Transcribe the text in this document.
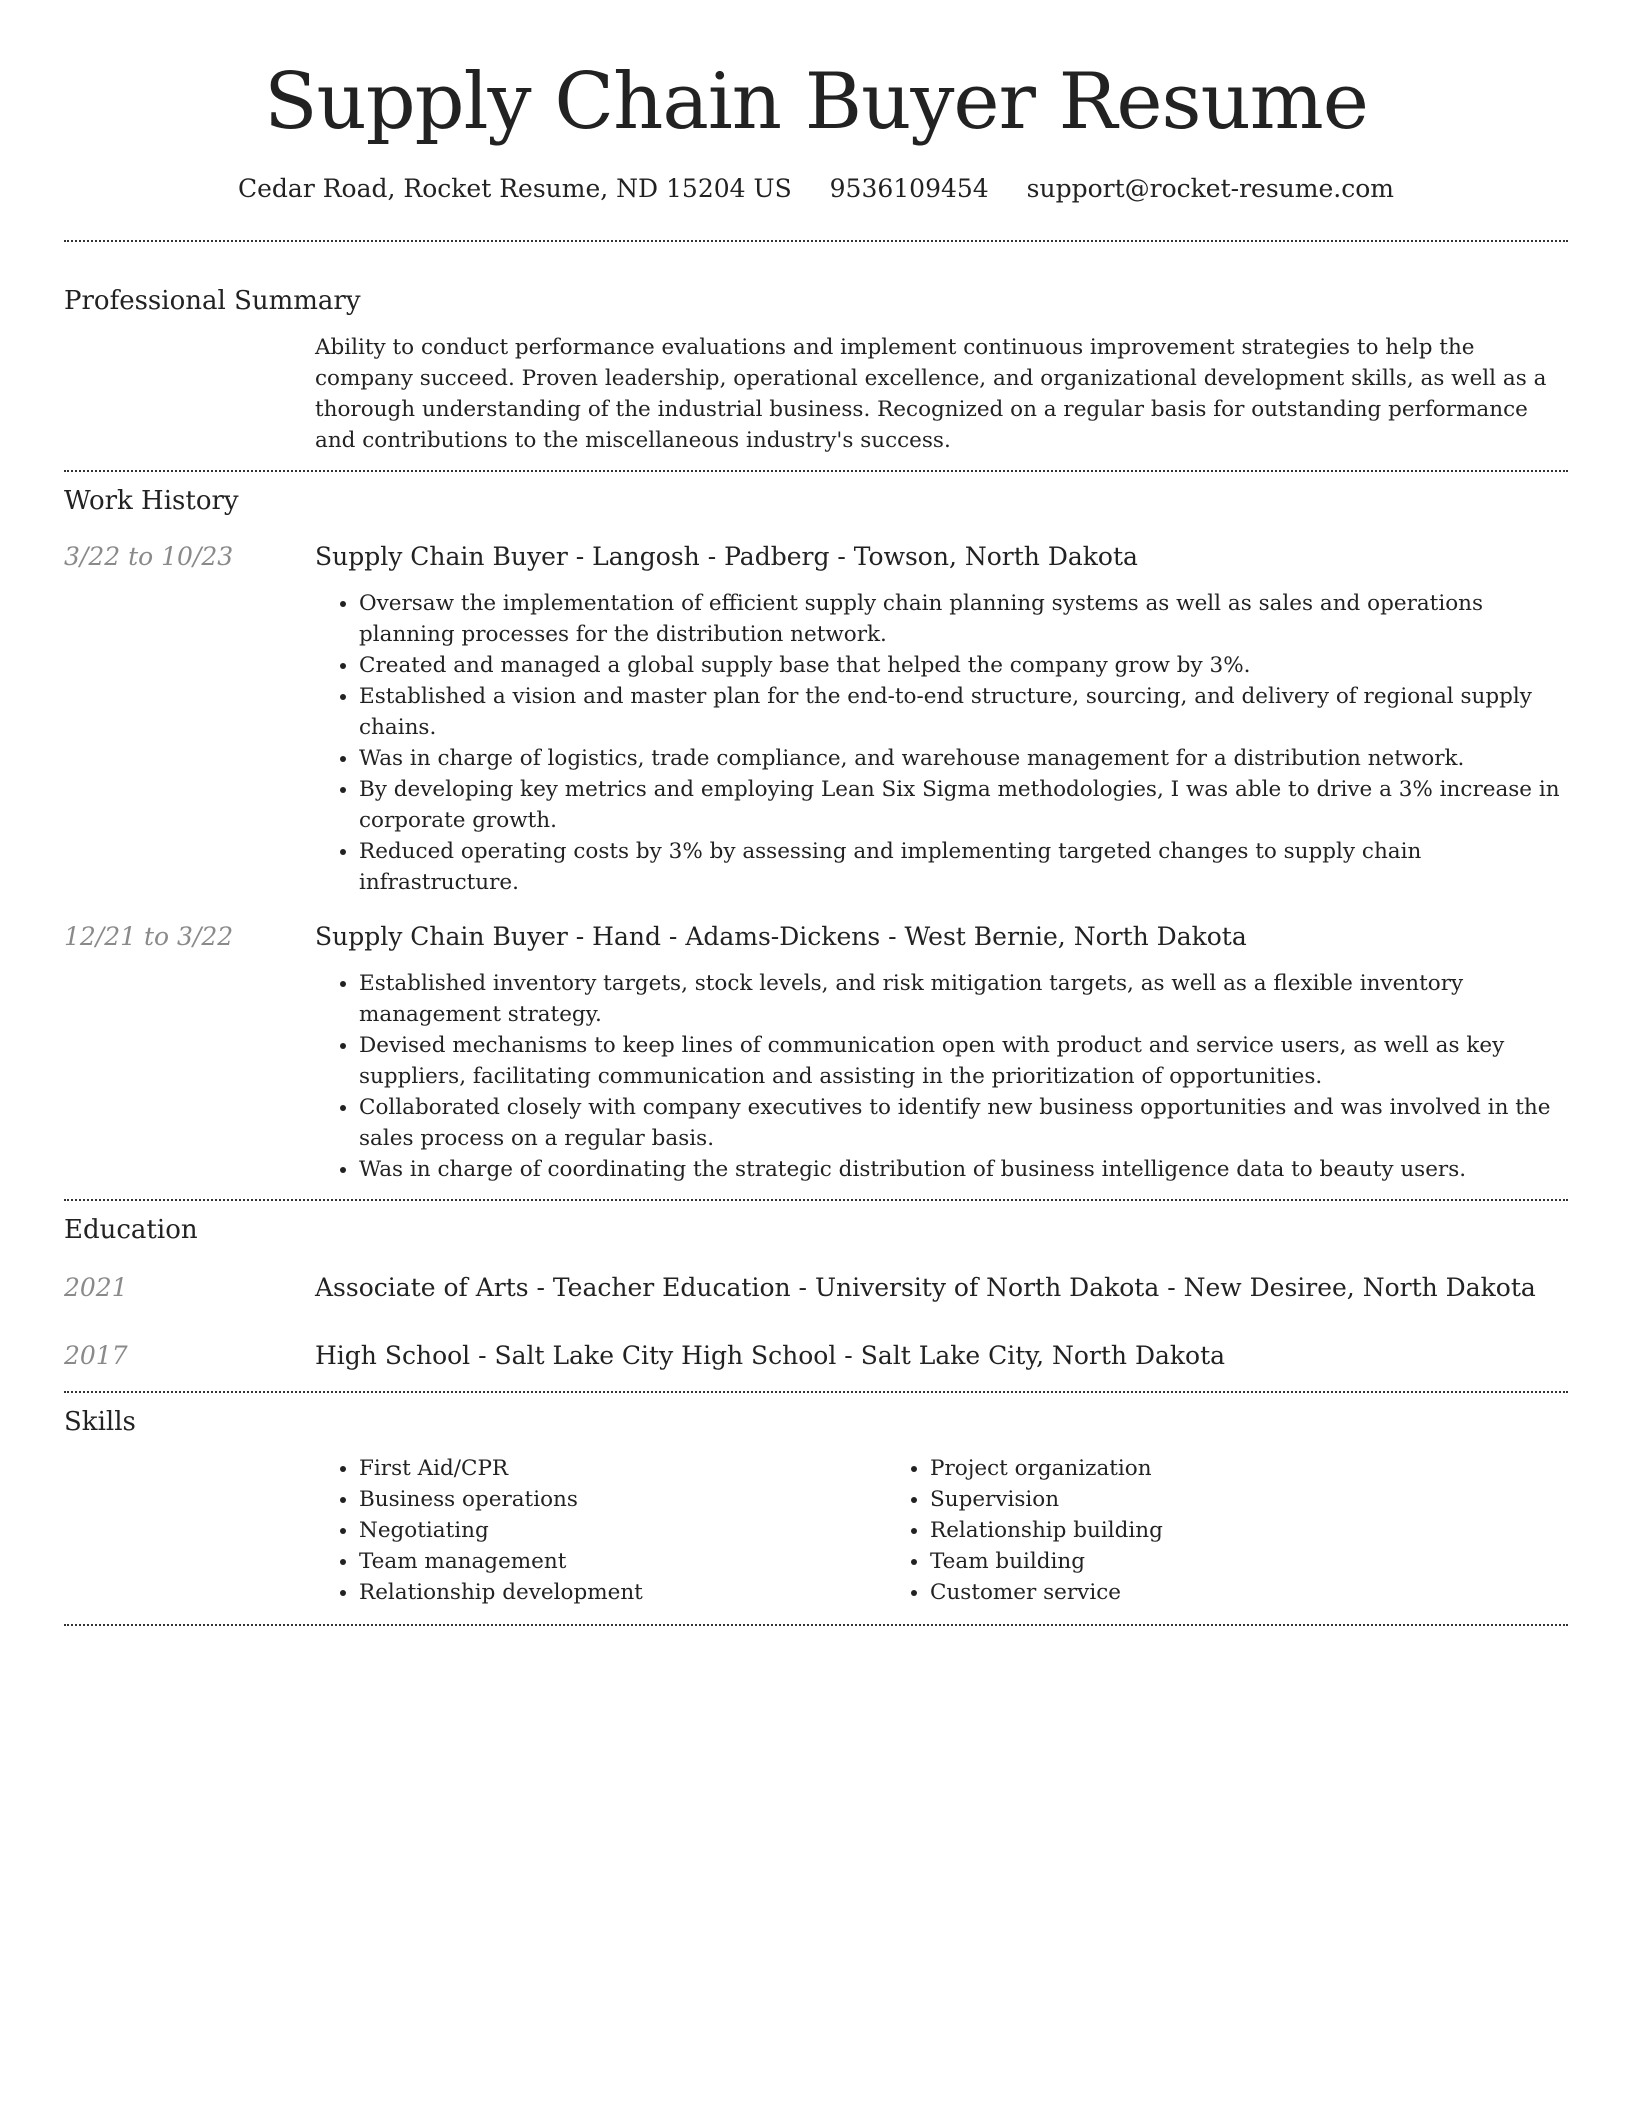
Supply Chain Buyer Resume
Cedar Road, Rocket Resume, ND 15204 US 9536109454 support@rocket-resume.com
Professional Summary
Ability to conduct performance evaluations and implement continuous improvement strategies to help the company succeed. Proven leadership, operational excellence, and organizational development skills, as well as a thorough understanding of the industrial business. Recognized on a regular basis for outstanding performance and contributions to the miscellaneous industry's success.
Work History
3/22 to 10/23	Supply Chain Buyer - Langosh - Padberg - Towson, North Dakota
• Oversaw the implementation of efficient supply chain planning systems as well as sales and operations planning processes for the distribution network.
• Created and managed a global supply base that helped the company grow by 3%.
• Established a vision and master plan for the end-to-end structure, sourcing, and delivery of regional supply chains.
• Was in charge of logistics, trade compliance, and warehouse management for a distribution network.
• By developing key metrics and employing Lean Six Sigma methodologies, I was able to drive a 3% increase in corporate growth.
• Reduced operating costs by 3% by assessing and implementing targeted changes to supply chain infrastructure.
12/21 to 3/22	Supply Chain Buyer - Hand - Adams-Dickens - West Bernie, North Dakota
• Established inventory targets, stock levels, and risk mitigation targets, as well as a flexible inventory management strategy.
• Devised mechanisms to keep lines of communication open with product and service users, as well as key suppliers, facilitating communication and assisting in the prioritization of opportunities.
• Collaborated closely with company executives to identify new business opportunities and was involved in the sales process on a regular basis.
• Was in charge of coordinating the strategic distribution of business intelligence data to beauty users.
Education
2021	Associate of Arts - Teacher Education - University of North Dakota - New Desiree, North Dakota
2017	High School - Salt Lake City High School - Salt Lake City, North Dakota
Skills
• First Aid/CPR
• Business operations
• Negotiating
• Team management
• Relationship development
• Project organization
• Supervision
• Relationship building
• Team building
• Customer service
